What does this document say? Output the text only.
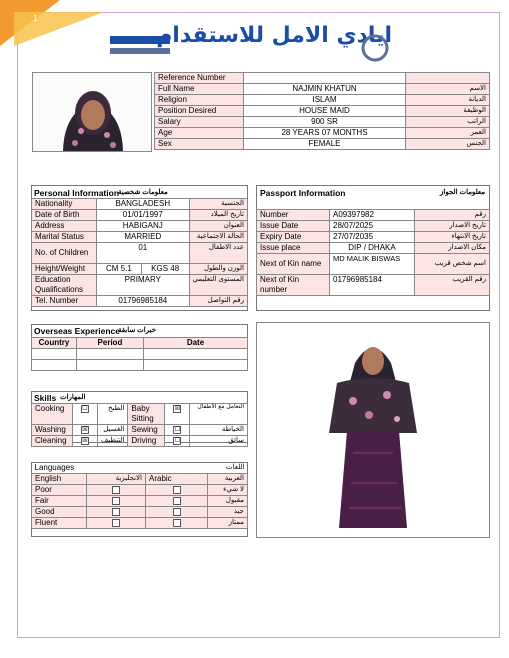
1
ايادي الامل للاستقدام
Reference Number		
Full Name	NAJMIN KHATUN	الاسم
Religion	ISLAM	الديانة
Position Desired	HOUSE MAID	الوظيفة
Salary	900 SR	الراتب
Age	28 YEARS 07 MONTHS	العمر
Sex	FEMALE	الجنس
Personal Information
معلومات شخصية
Nationality	BANGLADESH		الجنسية
Date of Birth	01/01/1997		تاريخ الميلاد
Address	HABIGANJ		العنوان
Marital Status	MARRIED		الحالة الاجتماعية
No. of Children	01		عدد الاطفال
Height/Weight	CM 5.1	KGS 48	الوزن والطول
Education Qualifications	PRIMARY		المستوى التعليمي
Tel. Number	01796985184		رقم التواصل
Passport Information	معلومات الجواز
Number	A09397982	رقم
Issue Date	28/07/2025	تاريخ الاصدار
Expiry Date	27/07/2035	تاريخ الانتهاء
Issue place	DIP / DHAKA	مكان الاصدار
Next of Kin name	MD MALIK BISWAS	اسم شخص قريب
Next of Kin number	01796985184	رقم القريب
Overseas Experience
خبرات سابقة
Country	Period	Date

Skills المهارات
Cooking	☐	الطبخ	Baby Sitting	☒	التعامل مع الاطفال
Washing	☒	الغسيل	Sewing	☐	الخياطة
Cleaning	☒	التنظيف	Driving	☐	سائق
Languages			اللغات
English	الانجليزية	Arabic	العربية
Poor			لا شيء
Fair			مقبول
Good			جيد
Fluent			ممتاز
